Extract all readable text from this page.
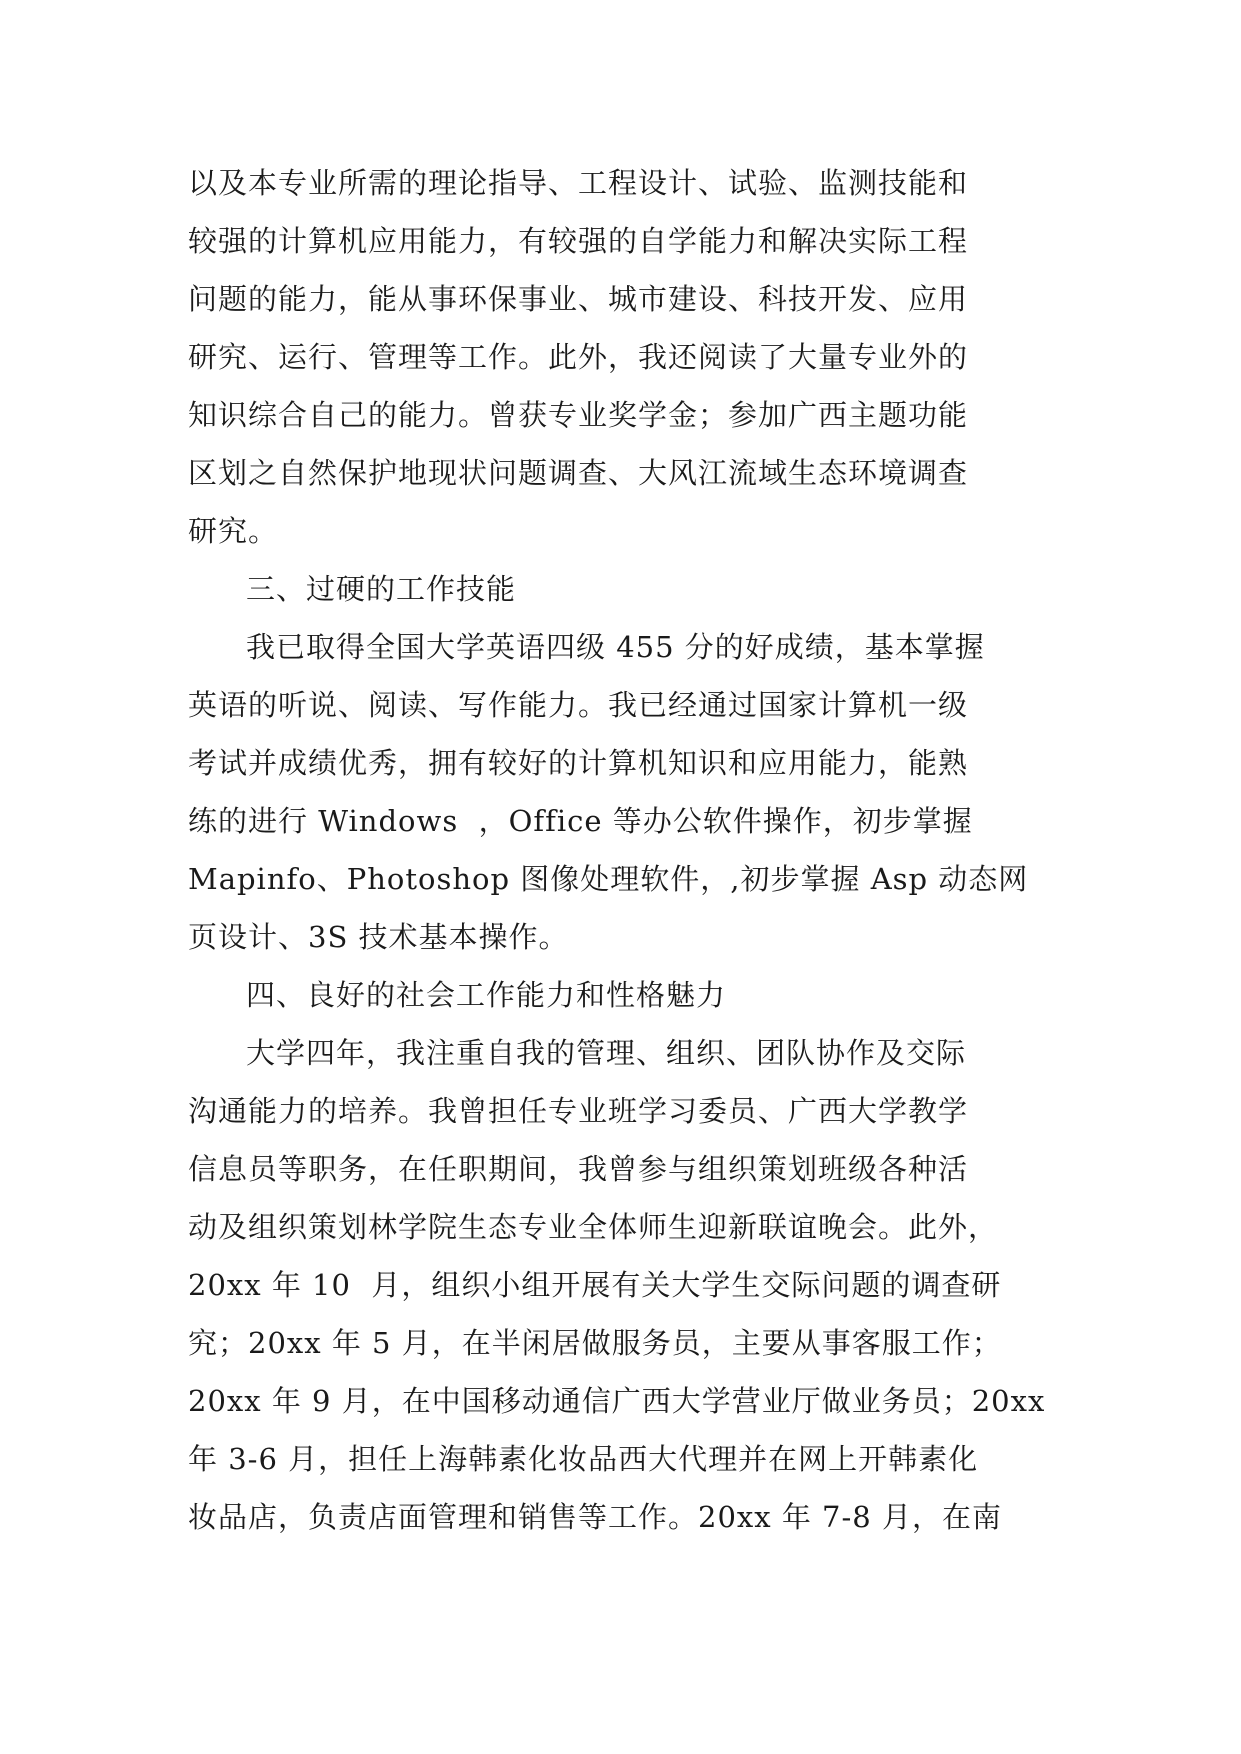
以及本专业所需的理论指导、工程设计、试验、监测技能和
较强的计算机应用能力，有较强的自学能力和解决实际工程
问题的能力，能从事环保事业、城市建设、科技开发、应用
研究、运行、管理等工作。此外，我还阅读了大量专业外的
知识综合自己的能力。曾获专业奖学金；参加广西主题功能
区划之自然保护地现状问题调查、大风江流域生态环境调查
研究。
三、过硬的工作技能
我已取得全国大学英语四级 455 分的好成绩，基本掌握
英语的听说、阅读、写作能力。我已经通过国家计算机一级
考试并成绩优秀，拥有较好的计算机知识和应用能力，能熟
练的进行 Windows  ，Office 等办公软件操作，初步掌握
Mapinfo、Photoshop 图像处理软件，,初步掌握 Asp 动态网
页设计、3S 技术基本操作。
四、良好的社会工作能力和性格魅力
大学四年，我注重自我的管理、组织、团队协作及交际
沟通能力的培养。我曾担任专业班学习委员、广西大学教学
信息员等职务，在任职期间，我曾参与组织策划班级各种活
动及组织策划林学院生态专业全体师生迎新联谊晚会。此外，
20xx 年 10  月，组织小组开展有关大学生交际问题的调查研
究；20xx 年 5 月，在半闲居做服务员，主要从事客服工作；
20xx 年 9 月，在中国移动通信广西大学营业厅做业务员；20xx
年 3-6 月，担任上海韩素化妆品西大代理并在网上开韩素化
妆品店，负责店面管理和销售等工作。20xx 年 7-8 月，在南
